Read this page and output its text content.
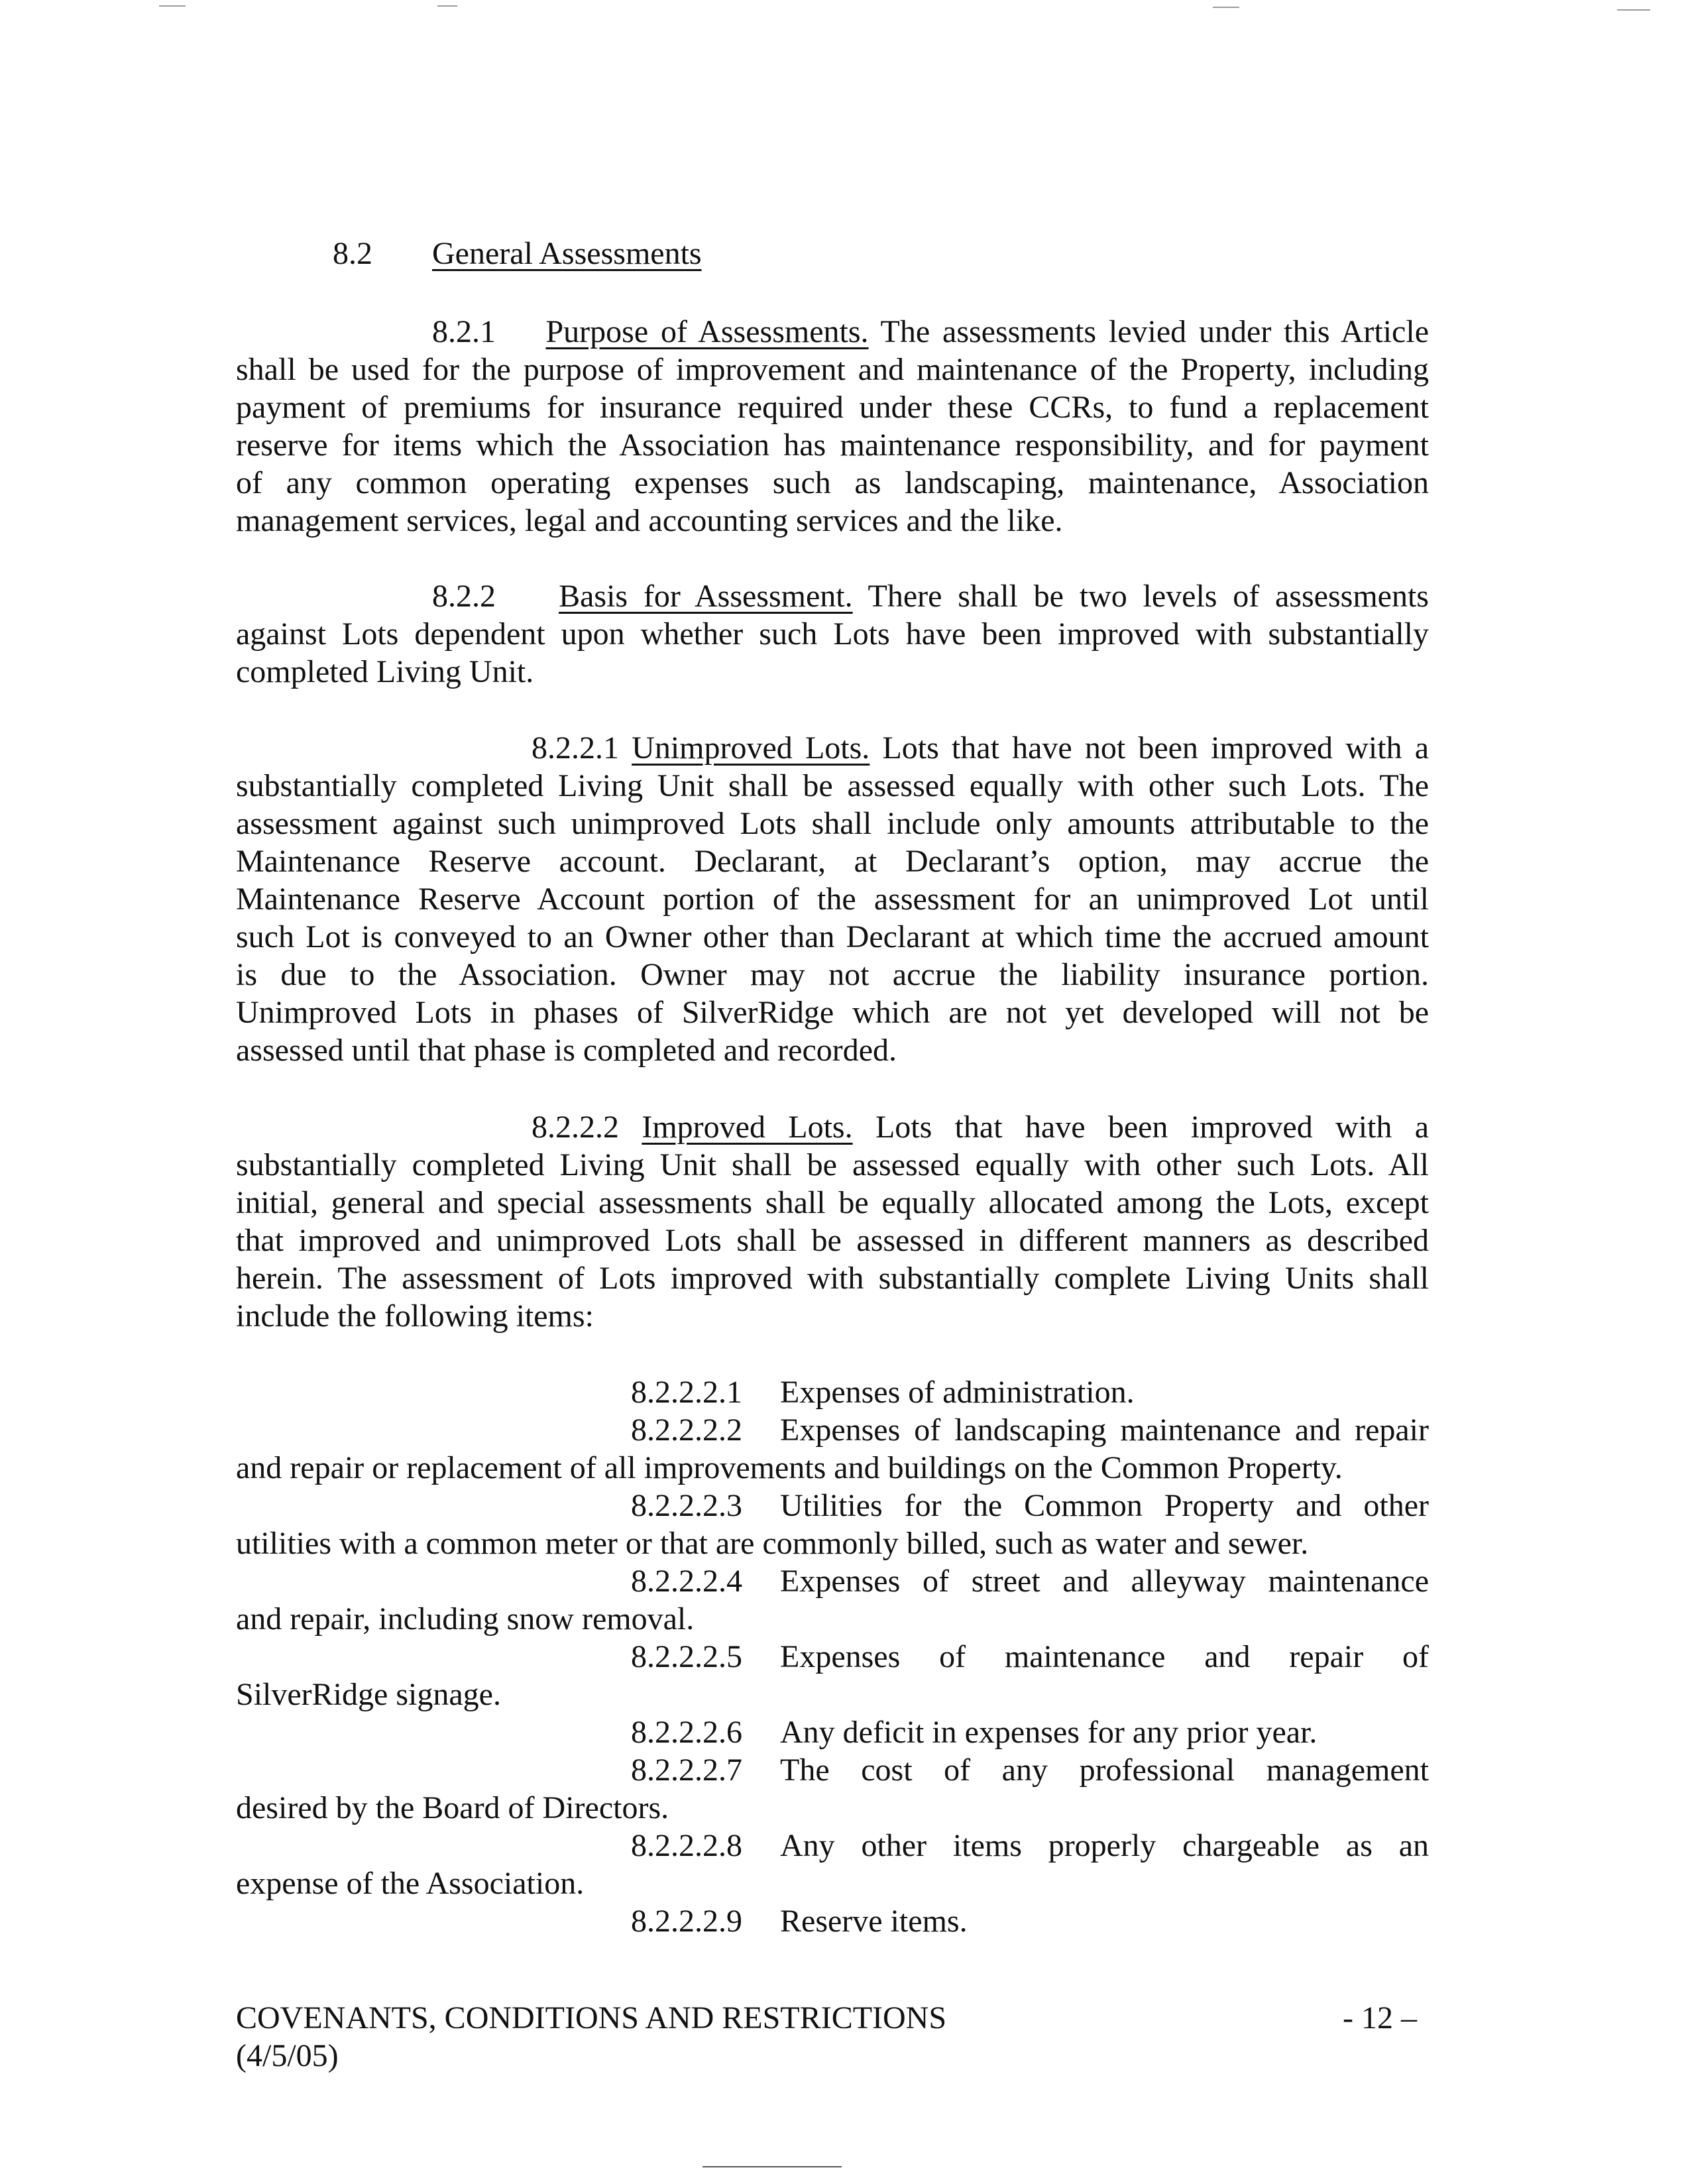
8.2 General Assessments
8.2.1 Purpose of Assessments. The assessments levied under this Article
shall be used for the purpose of improvement and maintenance of the Property, including
payment of premiums for insurance required under these CCRs, to fund a replacement
reserve for items which the Association has maintenance responsibility, and for payment
of any common operating expenses such as landscaping, maintenance, Association
management services, legal and accounting services and the like.
8.2.2 Basis for Assessment. There shall be two levels of assessments
against Lots dependent upon whether such Lots have been improved with substantially
completed Living Unit.
8.2.2.1 Unimproved Lots. Lots that have not been improved with a
substantially completed Living Unit shall be assessed equally with other such Lots. The
assessment against such unimproved Lots shall include only amounts attributable to the
Maintenance Reserve account. Declarant, at Declarant’s option, may accrue the
Maintenance Reserve Account portion of the assessment for an unimproved Lot until
such Lot is conveyed to an Owner other than Declarant at which time the accrued amount
is due to the Association. Owner may not accrue the liability insurance portion.
Unimproved Lots in phases of SilverRidge which are not yet developed will not be
assessed until that phase is completed and recorded.
8.2.2.2 Improved Lots. Lots that have been improved with a
substantially completed Living Unit shall be assessed equally with other such Lots. All
initial, general and special assessments shall be equally allocated among the Lots, except
that improved and unimproved Lots shall be assessed in different manners as described
herein. The assessment of Lots improved with substantially complete Living Units shall
include the following items:
8.2.2.2.1 Expenses of administration.
8.2.2.2.2 Expenses of landscaping maintenance and repair
and repair or replacement of all improvements and buildings on the Common Property.
8.2.2.2.3 Utilities for the Common Property and other
utilities with a common meter or that are commonly billed, such as water and sewer.
8.2.2.2.4 Expenses of street and alleyway maintenance
and repair, including snow removal.
8.2.2.2.5 Expenses of maintenance and repair of
SilverRidge signage.
8.2.2.2.6 Any deficit in expenses for any prior year.
8.2.2.2.7 The cost of any professional management
desired by the Board of Directors.
8.2.2.2.8 Any other items properly chargeable as an
expense of the Association.
8.2.2.2.9 Reserve items.
COVENANTS, CONDITIONS AND RESTRICTIONS
(4/5/05)
- 12 –
